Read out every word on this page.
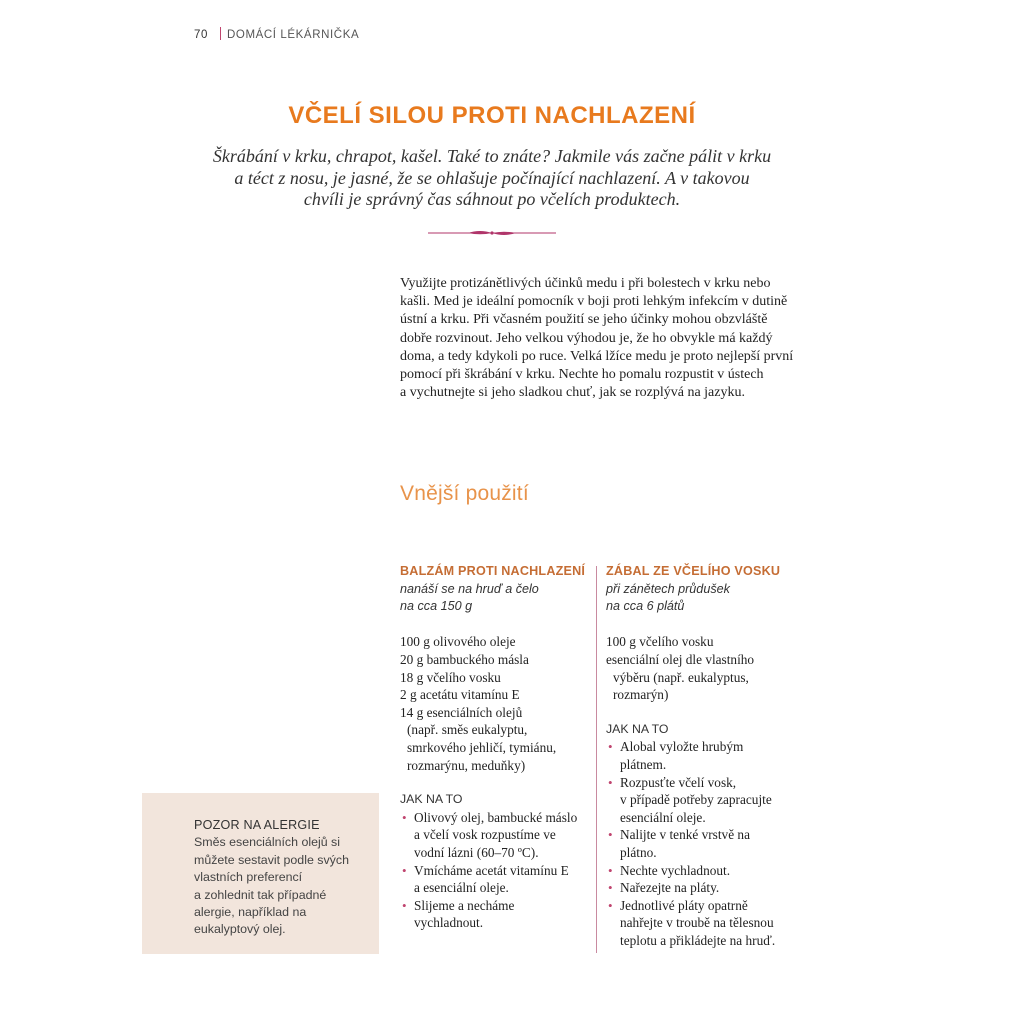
70 DOMÁCÍ LÉKÁRNIČKA
VČELÍ SILOU PROTI NACHLAZENÍ
Škrábání v krku, chrapot, kašel. Také to znáte? Jakmile vás začne pálit v krku
a téct z nosu, je jasné, že se ohlašuje počínající nachlazení. A v takovou
chvíli je správný čas sáhnout po včelích produktech.

Využijte protizánětlivých účinků medu i při bolestech v krku nebo

kašli. Med je ideální pomocník v boji proti lehkým infekcím v dutině

ústní a krku. Při včasném použití se jeho účinky mohou obzvláště

dobře rozvinout. Jeho velkou výhodou je, že ho obvykle má každý

doma, a tedy kdykoli po ruce. Velká lžíce medu je proto nejlepší první

pomocí při škrábání v krku. Nechte ho pomalu rozpustit v ústech

a vychutnejte si jeho sladkou chuť, jak se rozplývá na jazyku.

Vnější použití
BALZÁM PROTI NACHLAZENÍ
nanáší se na hruď a čelo
na cca 150 g
100 g olivového oleje
20 g bambuckého másla
18 g včelího vosku
2 g acetátu vitamínu E
14 g esenciálních olejů
(např. směs eukalyptu,
smrkového jehličí, tymiánu,
rozmarýnu, meduňky)
JAK NA TO
• Olivový olej, bambucké máslo
a včelí vosk rozpustíme ve
vodní lázni (60–70 ºC).
• Vmícháme acetát vitamínu E
a esenciální oleje.
• Slijeme a necháme
vychladnout.
ZÁBAL ZE VČELÍHO VOSKU
při zánětech průdušek
na cca 6 plátů
100 g včelího vosku
esenciální olej dle vlastního
výběru (např. eukalyptus,
rozmarýn)
JAK NA TO
• Alobal vyložte hrubým
plátnem.
• Rozpusťte včelí vosk,
v případě potřeby zapracujte
esenciální oleje.
• Nalijte v tenké vrstvě na
plátno.
• Nechte vychladnout.
• Nařezejte na pláty.
• Jednotlivé pláty opatrně
nahřejte v troubě na tělesnou
teplotu a přikládejte na hruď.
POZOR NA ALERGIE
Směs esenciálních olejů si
můžete sestavit podle svých
vlastních preferencí
a zohlednit tak případné
alergie, například na
eukalyptový olej.
